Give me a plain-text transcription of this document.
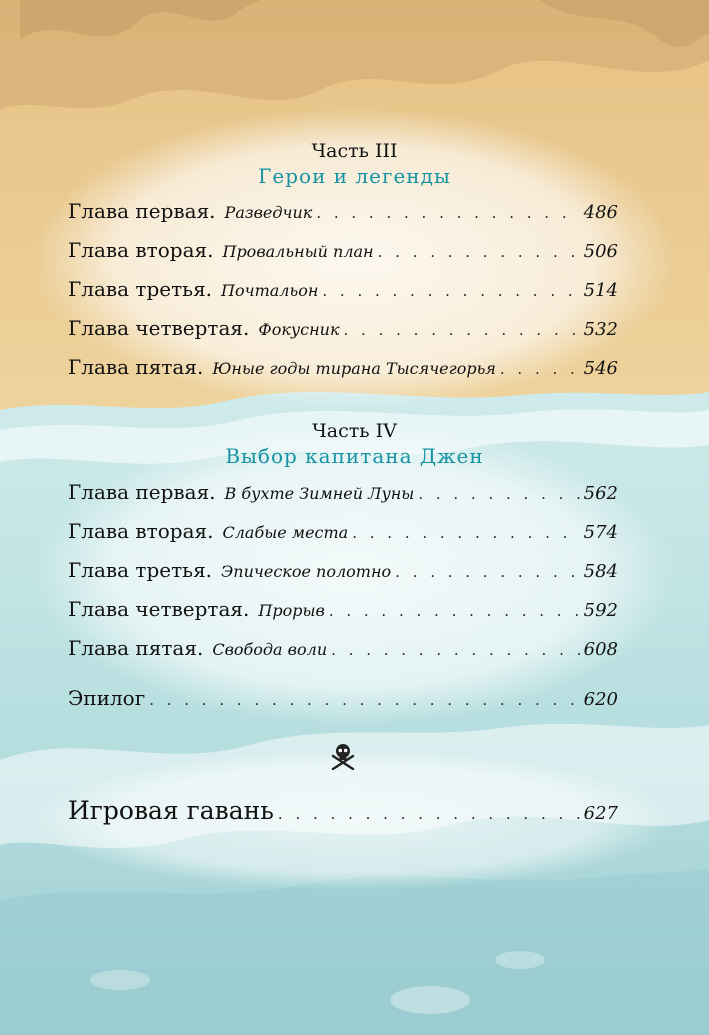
Часть III
Герои и легенды
Глава первая. Разведчик . . .	486
Глава вторая. Провальный план . . .	506
Глава третья. Почтальон . . .	514
Глава четвертая. Фокусник . . .	532
Глава пятая. Юные годы тирана Тысячегорья . . .	546
Часть IV
Выбор капитана Джен
Глава первая. В бухте Зимней Луны . . .	562
Глава вторая. Слабые места . . .	574
Глава третья. Эпическое полотно . . .	584
Глава четвертая. Прорыв . . .	592
Глава пятая. Свобода воли . . .	608
Эпилог . . .	620
Игровая гавань . . .	627
